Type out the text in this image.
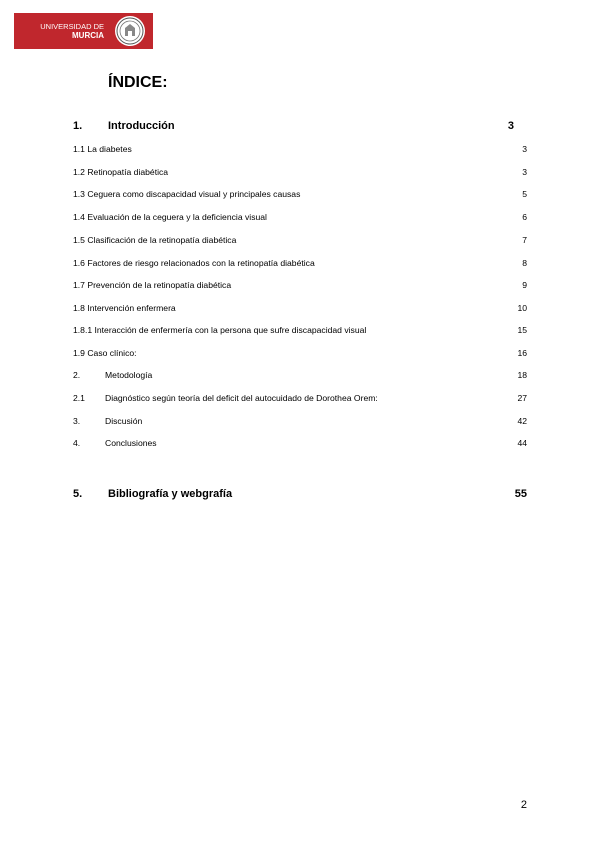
UNIVERSIDAD DE
MURCIA
ÍNDICE:
1. Introducción	3
1.1 La diabetes	3
1.2 Retinopatía diabética	3
1.3 Ceguera como discapacidad visual y principales causas	5
1.4 Evaluación de la ceguera y la deficiencia visual	6
1.5 Clasificación de la retinopatía diabética	7
1.6 Factores de riesgo relacionados con la retinopatía diabética	8
1.7 Prevención de la retinopatía diabética	9
1.8 Intervención enfermera	10
1.8.1 Interacción de enfermería con la persona que sufre discapacidad visual	15
1.9 Caso clínico:	16
2.	Metodología	18
2.1 Diagnóstico según teoría del deficit del autocuidado de Dorothea Orem:	27
3.	Discusión	42
4.	Conclusiones	44
5. Bibliografía y webgrafía	55
2
